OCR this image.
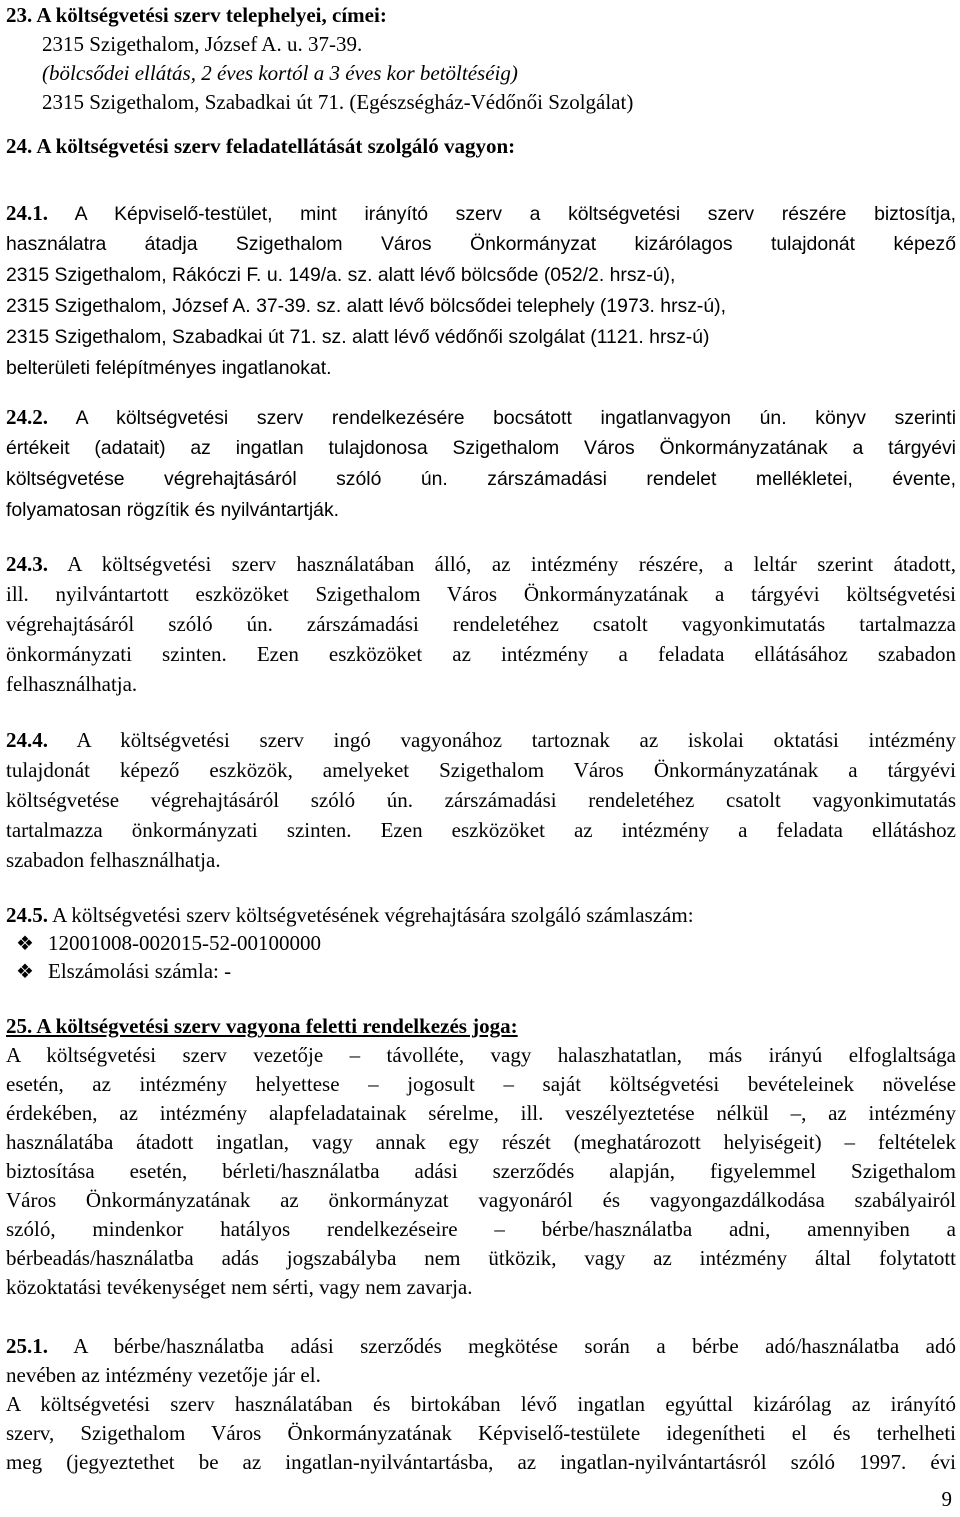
23. A költségvetési szerv telephelyei, címei:
2315 Szigethalom, József A. u. 37-39.
(bölcsődei ellátás, 2 éves kortól a 3 éves kor betöltéséig)
2315 Szigethalom, Szabadkai út 71. (Egészségház-Védőnői Szolgálat)
24. A költségvetési szerv feladatellátását szolgáló vagyon:
24.1. A Képviselő-testület, mint irányító szerv a költségvetési szerv részére biztosítja,
használatra átadja Szigethalom Város Önkormányzat kizárólagos tulajdonát képező
2315 Szigethalom, Rákóczi F. u. 149/a. sz. alatt lévő bölcsőde (052/2. hrsz-ú),
2315 Szigethalom, József A. 37-39. sz. alatt lévő bölcsődei telephely (1973. hrsz-ú),
2315 Szigethalom, Szabadkai út 71. sz. alatt lévő védőnői szolgálat (1121. hrsz-ú)
belterületi felépítményes ingatlanokat.
24.2. A költségvetési szerv rendelkezésére bocsátott ingatlanvagyon ún. könyv szerinti
értékeit (adatait) az ingatlan tulajdonosa Szigethalom Város Önkormányzatának a tárgyévi
költségvetése végrehajtásáról szóló ún. zárszámadási rendelet mellékletei, évente,
folyamatosan rögzítik és nyilvántartják.
24.3. A költségvetési szerv használatában álló, az intézmény részére, a leltár szerint átadott,
ill. nyilvántartott eszközöket Szigethalom Város Önkormányzatának a tárgyévi költségvetési
végrehajtásáról szóló ún. zárszámadási rendeletéhez csatolt vagyonkimutatás tartalmazza
önkormányzati szinten. Ezen eszközöket az intézmény a feladata ellátásához szabadon
felhasználhatja.
24.4. A költségvetési szerv ingó vagyonához tartoznak az iskolai oktatási intézmény
tulajdonát képező eszközök, amelyeket Szigethalom Város Önkormányzatának a tárgyévi
költségvetése végrehajtásáról szóló ún. zárszámadási rendeletéhez csatolt vagyonkimutatás
tartalmazza önkormányzati szinten. Ezen eszközöket az intézmény a feladata ellátáshoz
szabadon felhasználhatja.
24.5. A költségvetési szerv költségvetésének végrehajtására szolgáló számlaszám:
❖ 12001008-002015-52-00100000
❖ Elszámolási számla: -
25. A költségvetési szerv vagyona feletti rendelkezés joga:
A költségvetési szerv vezetője – távolléte, vagy halaszhatatlan, más irányú elfoglaltsága
esetén, az intézmény helyettese – jogosult – saját költségvetési bevételeinek növelése
érdekében, az intézmény alapfeladatainak sérelme, ill. veszélyeztetése nélkül –, az intézmény
használatába átadott ingatlan, vagy annak egy részét (meghatározott helyiségeit) – feltételek
biztosítása esetén, bérleti/használatba adási szerződés alapján, figyelemmel Szigethalom
Város Önkormányzatának az önkormányzat vagyonáról és vagyongazdálkodása szabályairól
szóló, mindenkor hatályos rendelkezéseire – bérbe/használatba adni, amennyiben a
bérbeadás/használatba adás jogszabályba nem ütközik, vagy az intézmény által folytatott
közoktatási tevékenységet nem sérti, vagy nem zavarja.
25.1. A bérbe/használatba adási szerződés megkötése során a bérbe adó/használatba adó
nevében az intézmény vezetője jár el.
A költségvetési szerv használatában és birtokában lévő ingatlan egyúttal kizárólag az irányító
szerv, Szigethalom Város Önkormányzatának Képviselő-testülete idegenítheti el és terhelheti
meg (jegyeztethet be az ingatlan-nyilvántartásba, az ingatlan-nyilvántartásról szóló 1997. évi
9
